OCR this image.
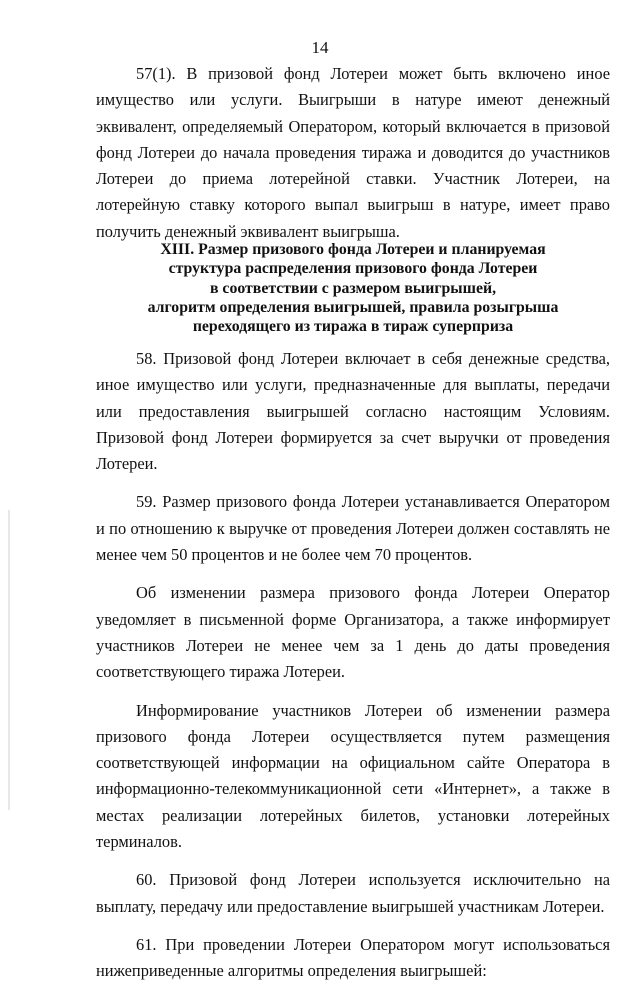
14

57(1). В призовой фонд Лотереи может быть включено иное имущество или услуги. Выигрыши в натуре имеют денежный эквивалент, определяемый Оператором, который включается в призовой фонд Лотереи до начала проведения тиража и доводится до участников Лотереи до приема лотерейной ставки. Участник Лотереи, на лотерейную ставку которого выпал выигрыш в натуре, имеет право получить денежный эквивалент выигрыша.

XIII. Размер призового фонда Лотереи и планируемая
структура распределения призового фонда Лотереи
в соответствии с размером выигрышей,
алгоритм определения выигрышей, правила розыгрыша
переходящего из тиража в тираж суперприза

58. Призовой фонд Лотереи включает в себя денежные средства, иное имущество или услуги, предназначенные для выплаты, передачи или предоставления выигрышей согласно настоящим Условиям. Призовой фонд Лотереи формируется за счет выручки от проведения Лотереи.

59. Размер призового фонда Лотереи устанавливается Оператором и по отношению к выручке от проведения Лотереи должен составлять не менее чем 50 процентов и не более чем 70 процентов.

Об изменении размера призового фонда Лотереи Оператор уведомляет в письменной форме Организатора, а также информирует участников Лотереи не менее чем за 1 день до даты проведения соответствующего тиража Лотереи.

Информирование участников Лотереи об изменении размера призового фонда Лотереи осуществляется путем размещения соответствующей информации на официальном сайте Оператора в информационно-телекоммуникационной сети «Интернет», а также в местах реализации лотерейных билетов, установки лотерейных терминалов.

60. Призовой фонд Лотереи используется исключительно на выплату, передачу или предоставление выигрышей участникам Лотереи.

61. При проведении Лотереи Оператором могут использоваться нижеприведенные алгоритмы определения выигрышей:
